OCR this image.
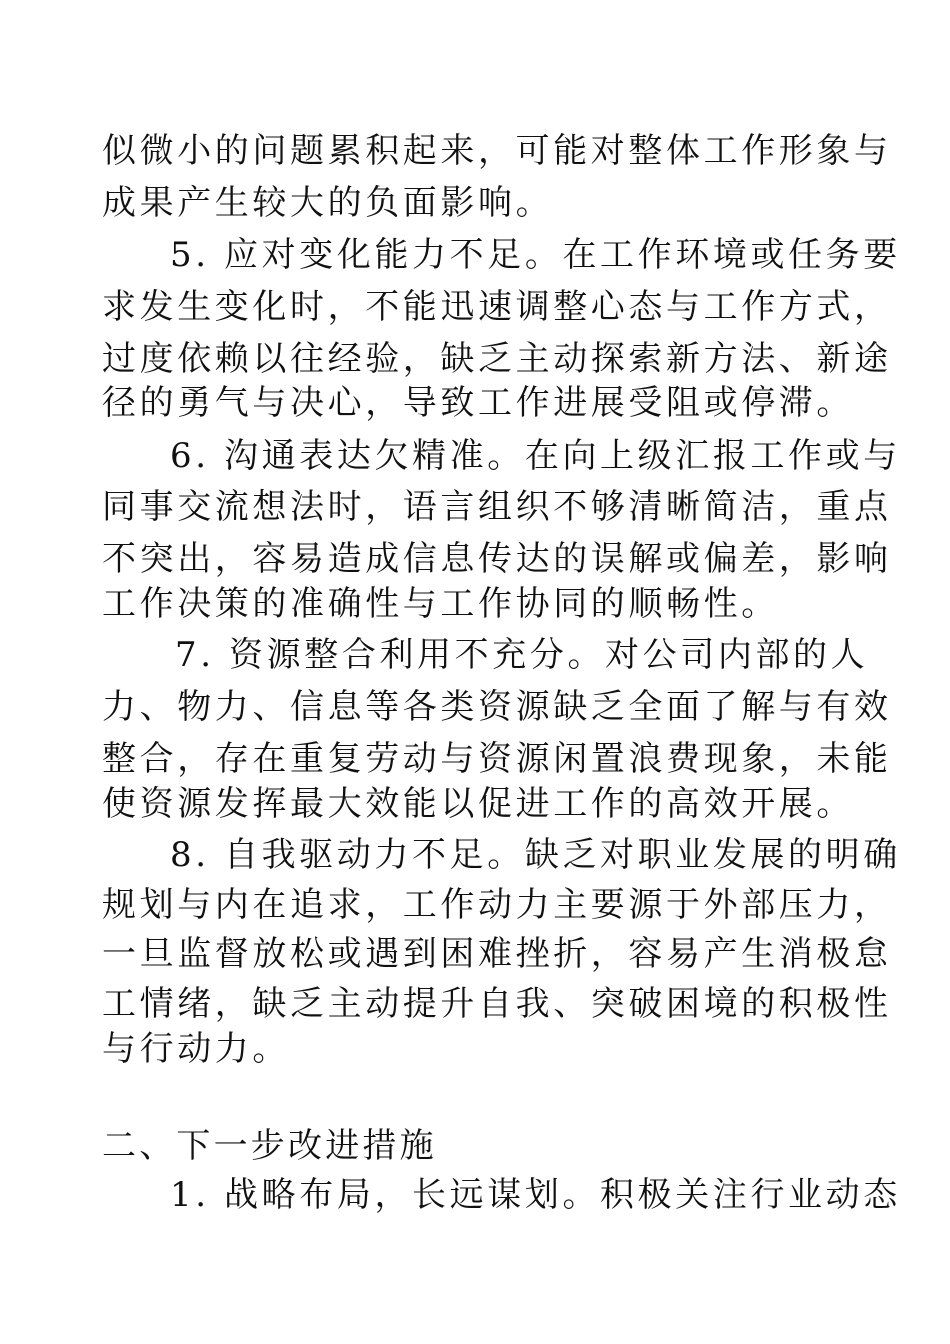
似微小的问题累积起来，可能对整体工作形象与
成果产生较大的负面影响。
5. 应对变化能力不足。在工作环境或任务要
求发生变化时，不能迅速调整心态与工作方式，
过度依赖以往经验，缺乏主动探索新方法、新途
径的勇气与决心，导致工作进展受阻或停滞。
6. 沟通表达欠精准。在向上级汇报工作或与
同事交流想法时，语言组织不够清晰简洁，重点
不突出，容易造成信息传达的误解或偏差，影响
工作决策的准确性与工作协同的顺畅性。
7. 资源整合利用不充分。对公司内部的人
力、物力、信息等各类资源缺乏全面了解与有效
整合，存在重复劳动与资源闲置浪费现象，未能
使资源发挥最大效能以促进工作的高效开展。
8. 自我驱动力不足。缺乏对职业发展的明确
规划与内在追求，工作动力主要源于外部压力，
一旦监督放松或遇到困难挫折，容易产生消极怠
工情绪，缺乏主动提升自我、突破困境的积极性
与行动力。
二、下一步改进措施
1. 战略布局，长远谋划。积极关注行业动态
